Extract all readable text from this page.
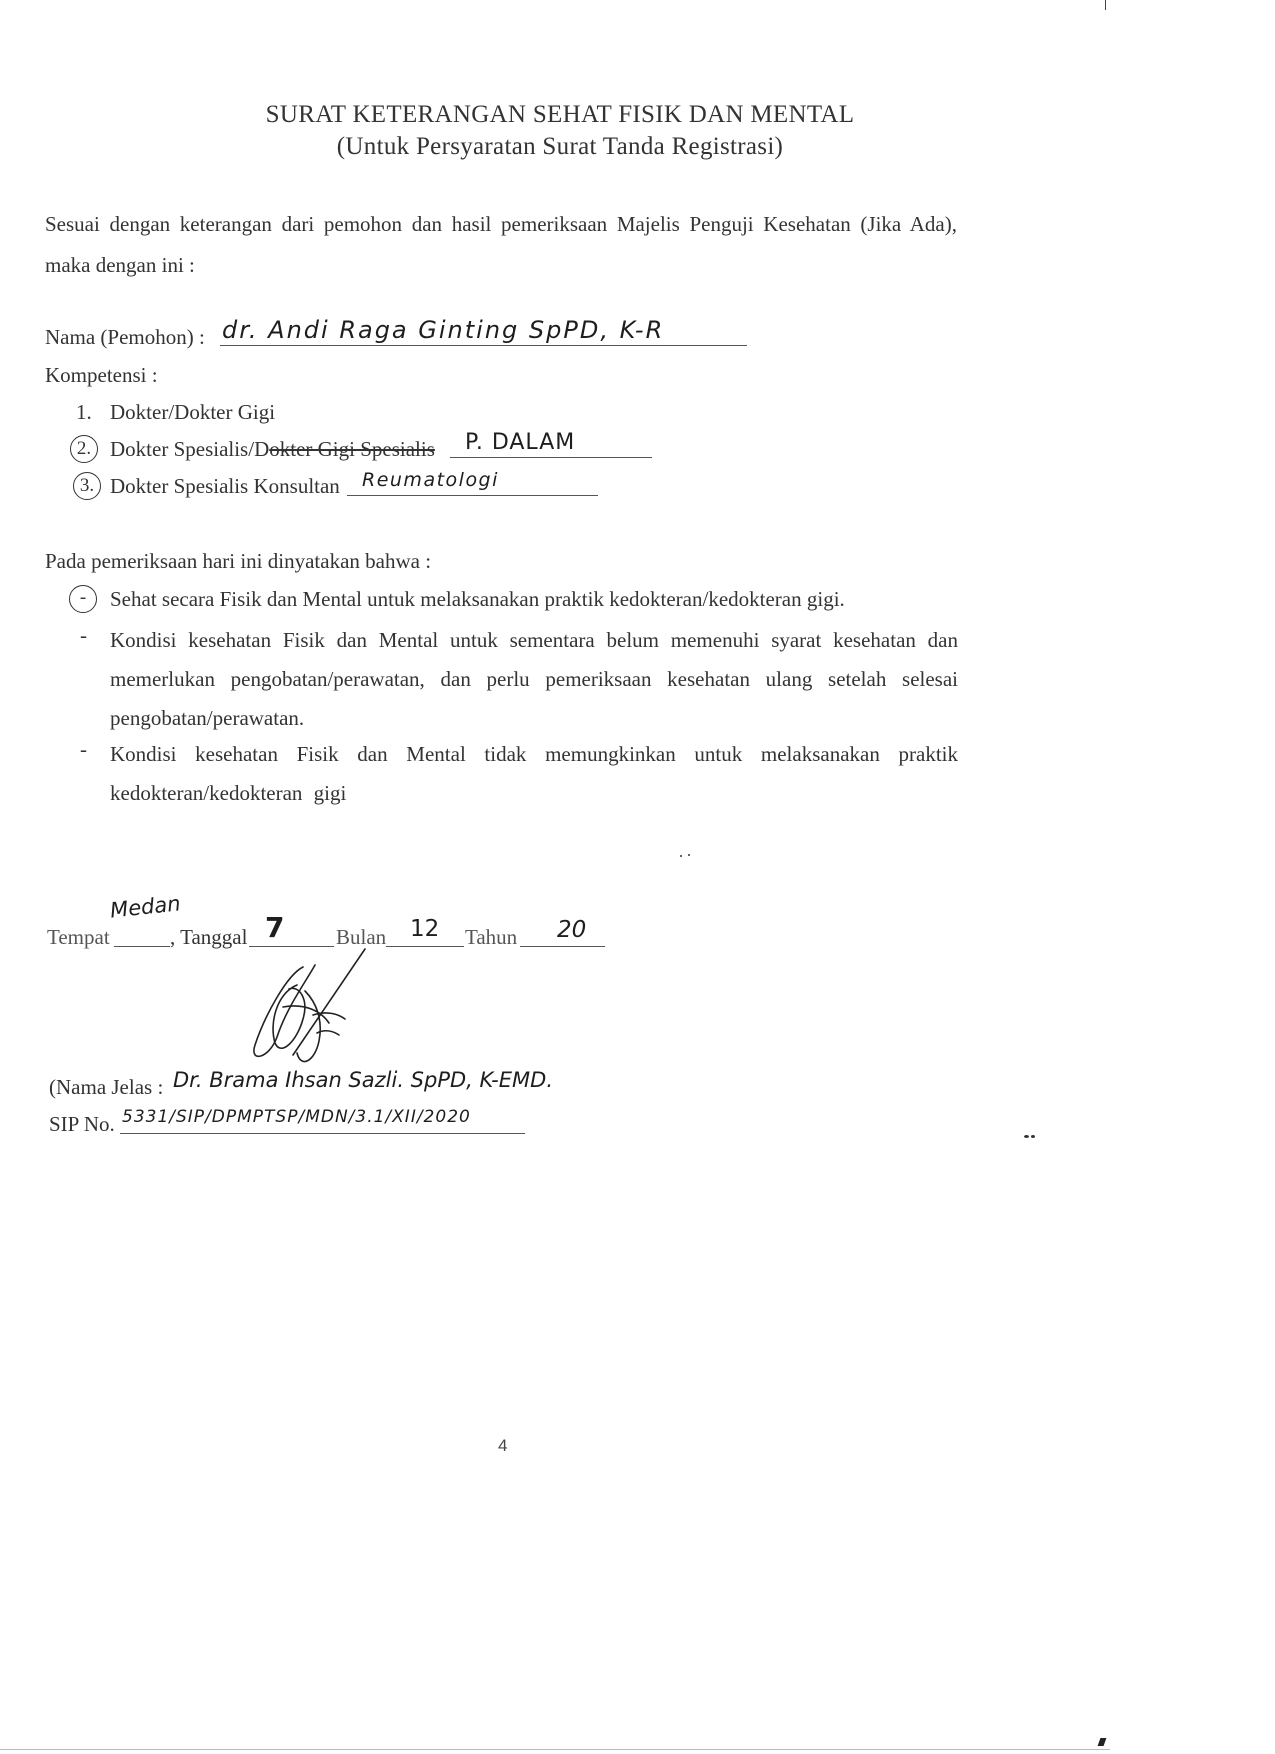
SURAT KETERANGAN SEHAT FISIK DAN MENTAL
(Untuk Persyaratan Surat Tanda Registrasi)
Sesuai dengan keterangan dari pemohon dan hasil pemeriksaan Majelis Penguji Kesehatan (Jika Ada),
maka dengan ini :
Nama (Pemohon) : dr. Andi Raga Ginting SpPD, K-R
Kompetensi :
1. Dokter/Dokter Gigi
2. Dokter Spesialis/Dokter Gigi Spesialis P. DALAM
3. Dokter Spesialis Konsultan Reumatologi
Pada pemeriksaan hari ini dinyatakan bahwa :
-	Sehat secara Fisik dan Mental untuk melaksanakan praktik kedokteran/kedokteran gigi.
- Kondisi kesehatan Fisik dan Mental untuk sementara belum memenuhi syarat kesehatan dan memerlukan pengobatan/perawatan, dan perlu pemeriksaan kesehatan ulang setelah selesai pengobatan/perawatan.
- Kondisi kesehatan Fisik dan Mental tidak memungkinkan untuk melaksanakan praktik kedokteran/kedokteran gigi
Tempat
Medan
, Tanggal 7 Bulan 12 Tahun 20
(Nama Jelas : Dr. Brama Ihsan Sazli. SpPD, K-EMD.
SIP No. 5331/SIP/DPMPTSP/MDN/3.1/XII/2020
4
